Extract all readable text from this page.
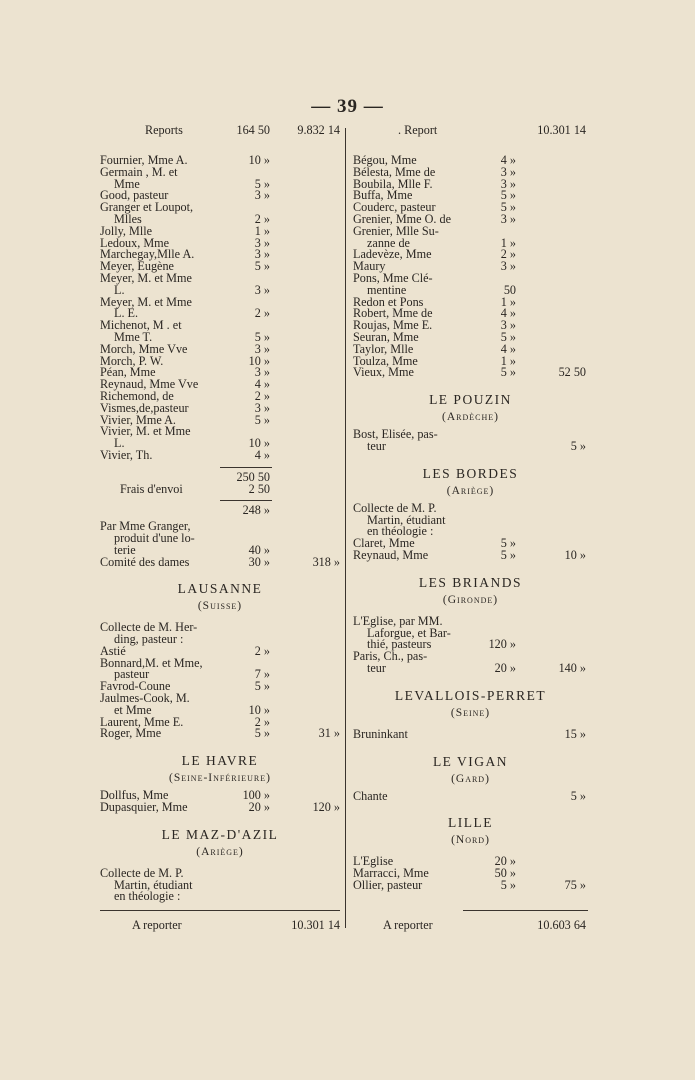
— 39 —
Reports	164 50 9.832 14
Fournier, Mme A.	10 »
Germain , M. et
Mme	5 »
Good, pasteur	3 »
Granger et Loupot,
Mlles	2 »
Jolly, Mlle	1 »
Ledoux, Mme	3 »
Marchegay,Mlle A.	3 »
Meyer, Eugène	5 »
Meyer, M. et Mme
L.	3 »
Meyer, M. et Mme
L. E.	2 »
Michenot, M . et
Mme T.	5 »
Morch, Mme Vve	3 »
Morch, P. W.	10 »
Péan, Mme	3 »
Reynaud, Mme Vve	4 »
Richemond, de	2 »
Vismes,de,pasteur	3 »
Vivier, Mme A.	5 »
Vivier, M. et Mme
L.	10 »
Vivier, Th.	4 »
250 50
Frais d'envoi	2 50
248 »
Par Mme Granger,
produit d'une lo-
terie	40 »
Comité des dames	30 »	318 »
LAUSANNE
(Suisse)
Collecte de M. Her-
ding, pasteur :
Astié	2 »
Bonnard,M. et Mme,
pasteur	7 »
Favrod-Coune	5 »
Jaulmes-Cook, M.
et Mme	10 »
Laurent, Mme E.	2 »
Roger, Mme	5 »	31 »
LE HAVRE
(Seine-Inférieure)
Dollfus, Mme	100 »
Dupasquier, Mme	20 »	120 »
LE MAZ-D'AZIL
(Ariège)
Collecte de M. P.
Martin, étudiant
en théologie :
. Report	10.301 14
Bégou, Mme	4 »
Bélesta, Mme de	3 »
Boubila, Mlle F.	3 »
Buffa, Mme	5 »
Couderc, pasteur	5 »
Grenier, Mme O. de	3 »
Grenier, Mlle Su-
zanne de	1 »
Ladevèze, Mme	2 »
Maury	3 »
Pons, Mme Clé-
mentine	50
Redon et Pons	1 »
Robert, Mme de	4 »
Roujas, Mme E.	3 »
Seuran, Mme	5 »
Taylor, Mlle	4 »
Toulza, Mme	1 »
Vieux, Mme	5 »	52 50
LE POUZIN
(Ardèche)
Bost, Elisée, pas-
teur	5 »
LES BORDES
(Ariège)
Collecte de M. P.
Martin, étudiant
en théologie :
Claret, Mme	5 »
Reynaud, Mme	5 »	10 »
LES BRIANDS
(Gironde)
L'Eglise, par MM.
Laforgue, et Bar-
thié, pasteurs	120 »
Paris, Ch., pas-
teur	20 »	140 »
LEVALLOIS-PERRET
(Seine)
Bruninkant	15 »
LE VIGAN
(Gard)
Chante	5 »
LILLE
(Nord)
L'Eglise	20 »
Marracci, Mme	50 »
Ollier, pasteur	5 »	75 »
A reporter	10.301 14	A reporter	10.603 64
